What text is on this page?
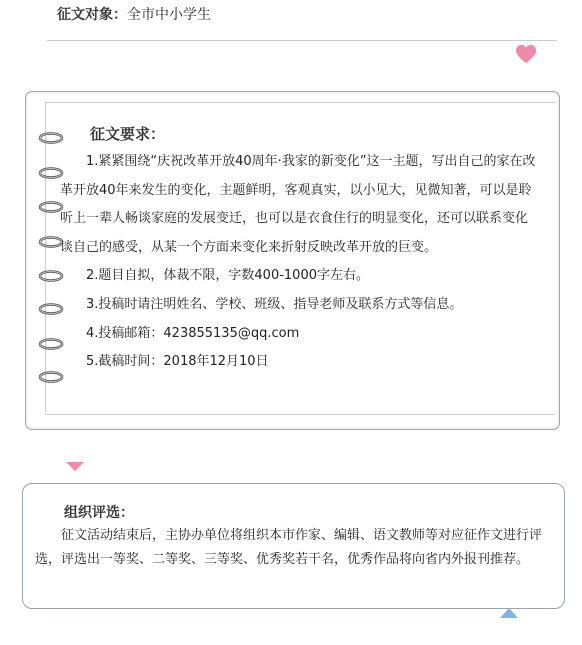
征文对象：全市中小学生
征文要求：

1.紧紧围绕“庆祝改革开放40周年·我家的新变化”这一主题，写出自己的家在改革开放40年来发生的变化，主题鲜明，客观真实，以小见大，见微知著，可以是聆听上一辈人畅谈家庭的发展变迁，也可以是衣食住行的明显变化，还可以联系变化谈自己的感受，从某一个方面来变化来折射反映改革开放的巨变。

2.题目自拟，体裁不限，字数400-1000字左右。

3.投稿时请注明姓名、学校、班级、指导老师及联系方式等信息。

4.投稿邮箱：423855135@qq.com

5.截稿时间：2018年12月10日

组织评选：

征文活动结束后，主协办单位将组织本市作家、编辑、语文教师等对应征作文进行评选，评选出一等奖、二等奖、三等奖、优秀奖若干名，优秀作品将向省内外报刊推荐。
